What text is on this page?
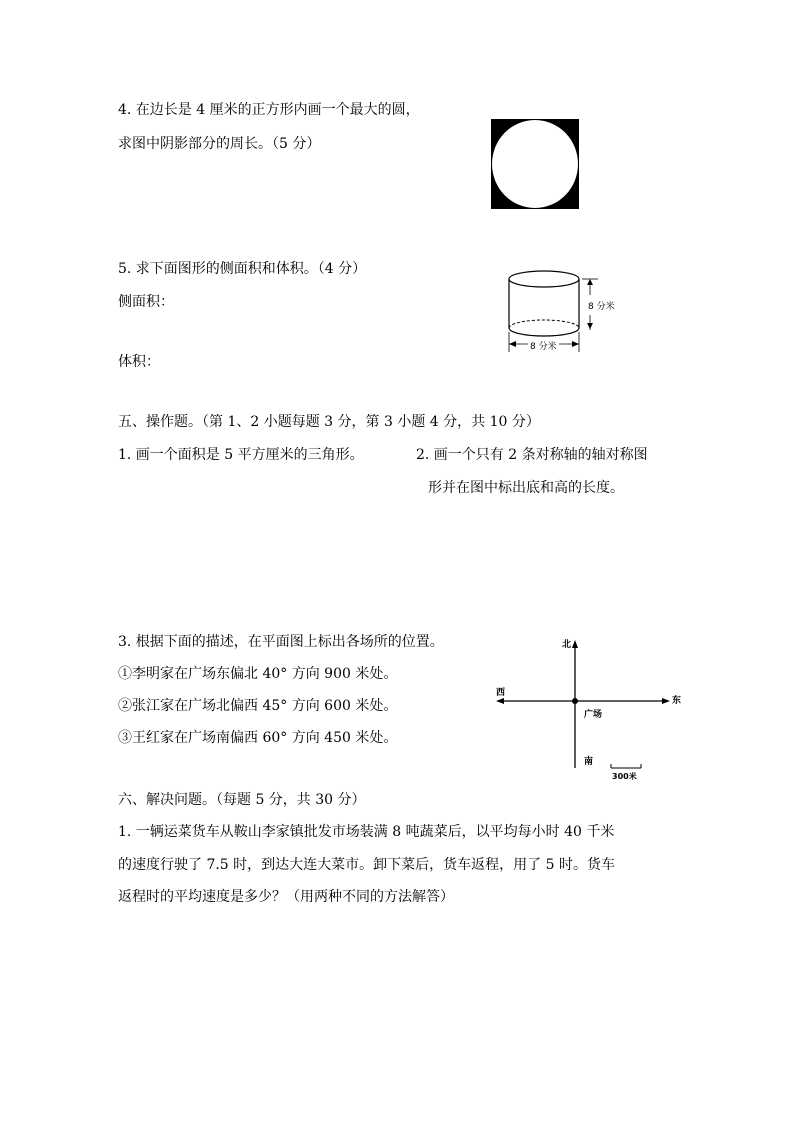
4. 在边长是 4 厘米的正方形内画一个最大的圆，
求图中阴影部分的周长。（5 分）
5. 求下面图形的侧面积和体积。（4 分）
侧面积：
体积：
8 分米
8 分米
五、操作题。（第 1、2 小题每题 3 分，第 3 小题 4 分，共 10 分）
1. 画一个面积是 5 平方厘米的三角形。	2. 画一个只有 2 条对称轴的轴对称图
形并在图中标出底和高的长度。
3. 根据下面的描述，在平面图上标出各场所的位置。
①李明家在广场东偏北 40° 方向 900 米处。
②张江家在广场北偏西 45° 方向 600 米处。
③王红家在广场南偏西 60° 方向 450 米处。
北
南
东
西
广场
300米
六、解决问题。（每题 5 分，共 30 分）
1. 一辆运菜货车从鞍山李家镇批发市场装满 8 吨蔬菜后，以平均每小时 40 千米
的速度行驶了 7.5 时，到达大连大菜市。卸下菜后，货车返程，用了 5 时。货车
返程时的平均速度是多少？（用两种不同的方法解答）
